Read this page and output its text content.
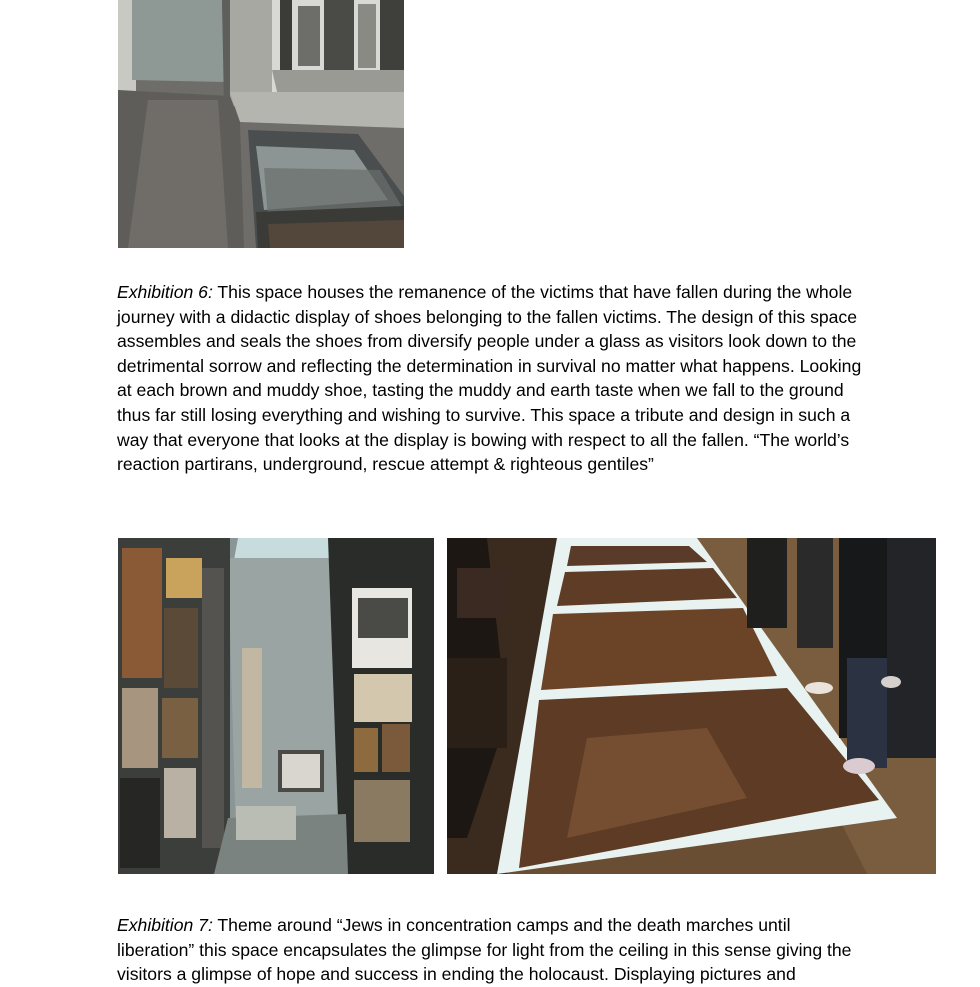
Exhibition 6: This space houses the remanence of the victims that have fallen during the whole journey with a didactic display of shoes belonging to the fallen victims. The design of this space assembles and seals the shoes from diversify people under a glass as visitors look down to the detrimental sorrow and reflecting the determination in survival no matter what happens. Looking at each brown and muddy shoe, tasting the muddy and earth taste when we fall to the ground thus far still losing everything and wishing to survive. This space a tribute and design in such a way that everyone that looks at the display is bowing with respect to all the fallen. “The world’s reaction partirans, underground, rescue attempt & righteous gentiles”

Exhibition 7: Theme around “Jews in concentration camps and the death marches until liberation” this space encapsulates the glimpse for light from the ceiling in this sense giving the visitors a glimpse of hope and success in ending the holocaust. Displaying pictures and
